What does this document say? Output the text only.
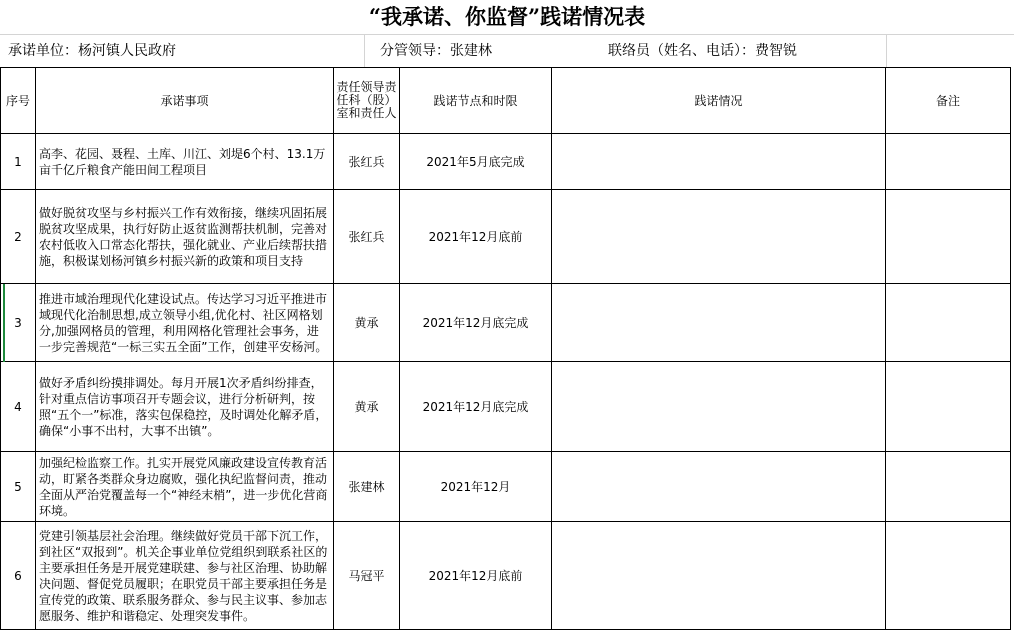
“我承诺、你监督”践诺情况表
承诺单位：杨河镇人民政府	分管领导：张建林	联络员（姓名、电话）：费智锐
序号	承诺事项	责任领导责任科（股）室和责任人	践诺节点和时限	践诺情况	备注
1	高李、花园、聂程、土库、川江、刘堤6个村、13.1万亩千亿斤粮食产能田间工程项目	张红兵	2021年5月底完成		
2	做好脱贫攻坚与乡村振兴工作有效衔接，继续巩固拓展脱贫攻坚成果，执行好防止返贫监测帮扶机制，完善对农村低收入口常态化帮扶，强化就业、产业后续帮扶措施，积极谋划杨河镇乡村振兴新的政策和项目支持	张红兵	2021年12月底前		
3	推进市域治理现代化建设试点。传达学习习近平推进市域现代化治制思想,成立领导小组,优化村、社区网格划分,加强网格员的管理，利用网格化管理社会事务，进一步完善规范“一标三实五全面”工作，创建平安杨河。	黄承	2021年12月底完成		
4	做好矛盾纠纷摸排调处。每月开展1次矛盾纠纷排查，针对重点信访事项召开专题会议，进行分析研判，按照“五个一”标准，落实包保稳控，及时调处化解矛盾，确保“小事不出村，大事不出镇”。	黄承	2021年12月底完成		
5	加强纪检监察工作。扎实开展党风廉政建设宣传教育活动，盯紧各类群众身边腐败，强化执纪监督问责，推动全面从严治党覆盖每一个“神经末梢”，进一步优化营商环境。	张建林	2021年12月		
6	党建引领基层社会治理。继续做好党员干部下沉工作，到社区“双报到”。机关企事业单位党组织到联系社区的主要承担任务是开展党建联建、参与社区治理、协助解决问题、督促党员履职；在职党员干部主要承担任务是宣传党的政策、联系服务群众、参与民主议事、参加志愿服务、维护和谐稳定、处理突发事件。	马冠平	2021年12月底前		
